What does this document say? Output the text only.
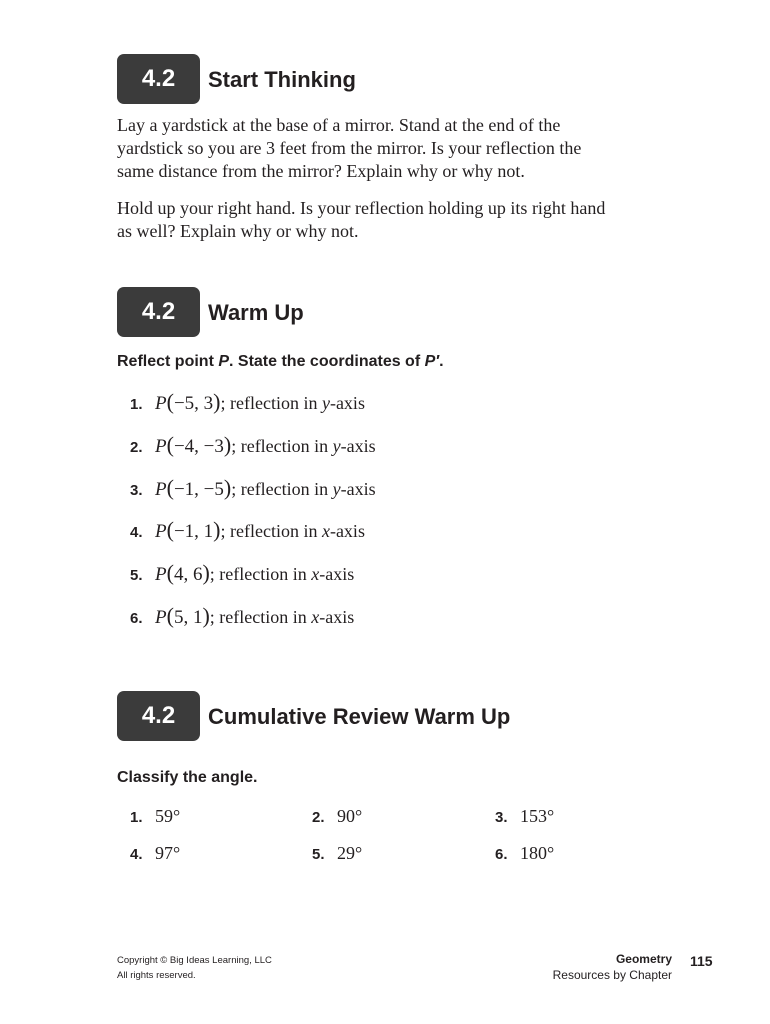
4.2	Start Thinking

Lay a yardstick at the base of a mirror. Stand at the end of the yardstick so you are 3 feet from the mirror. Is your reflection the same distance from the mirror? Explain why or why not.

Hold up your right hand. Is your reflection holding up its right hand as well? Explain why or why not.

4.2	Warm Up

Reflect point P. State the coordinates of P′.

1. P(−5, 3) ; reflection in y-axis
2. P(−4, −3) ; reflection in y-axis
3. P(−1, −5) ; reflection in y-axis
4. P(−1, 1) ; reflection in x-axis
5. P(4, 6) ; reflection in x-axis
6. P(5, 1) ; reflection in x-axis
4.2	Cumulative Review Warm Up

Classify the angle.

1. 59°	2. 90°	3. 153°
4. 97°	5. 29°	6. 180°
Copyright © Big Ideas Learning, LLC
All rights reserved.
Geometry
Resources by Chapter
115
